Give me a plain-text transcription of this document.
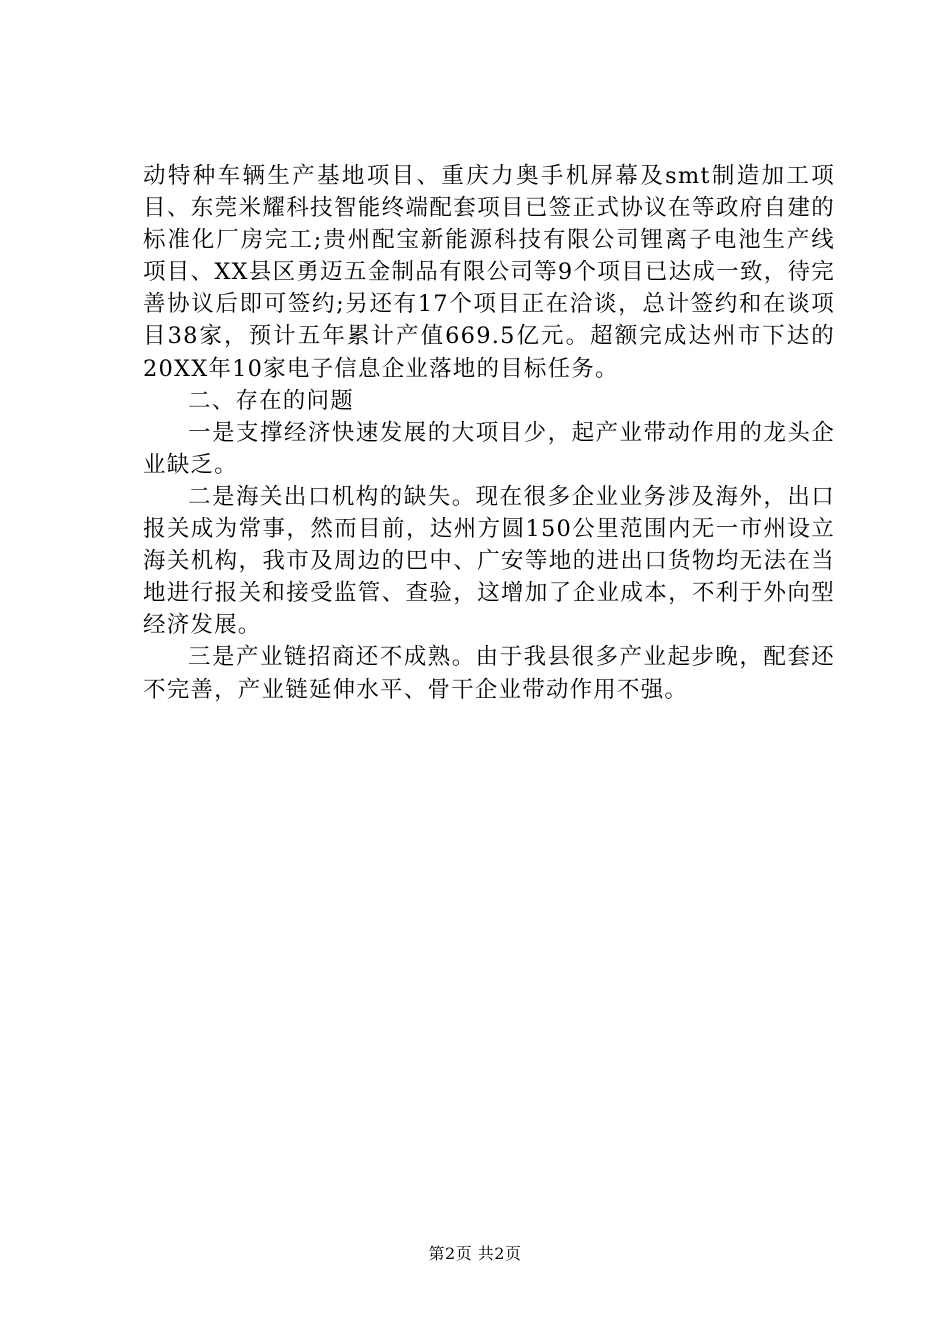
动特种车辆生产基地项目、重庆力奥手机屏幕及smt制造加工项目、东莞米耀科技智能终端配套项目已签正式协议在等政府自建的标准化厂房完工;贵州配宝新能源科技有限公司锂离子电池生产线项目、XX县区勇迈五金制品有限公司等9个项目已达成一致，待完善协议后即可签约;另还有17个项目正在洽谈，总计签约和在谈项目38家，预计五年累计产值669.5亿元。超额完成达州市下达的20XX年10家电子信息企业落地的目标任务。

二、存在的问题

一是支撑经济快速发展的大项目少，起产业带动作用的龙头企业缺乏。

二是海关出口机构的缺失。现在很多企业业务涉及海外，出口报关成为常事，然而目前，达州方圆150公里范围内无一市州设立海关机构，我市及周边的巴中、广安等地的进出口货物均无法在当地进行报关和接受监管、查验，这增加了企业成本，不利于外向型经济发展。

三是产业链招商还不成熟。由于我县很多产业起步晚，配套还不完善，产业链延伸水平、骨干企业带动作用不强。

第2页 共2页
